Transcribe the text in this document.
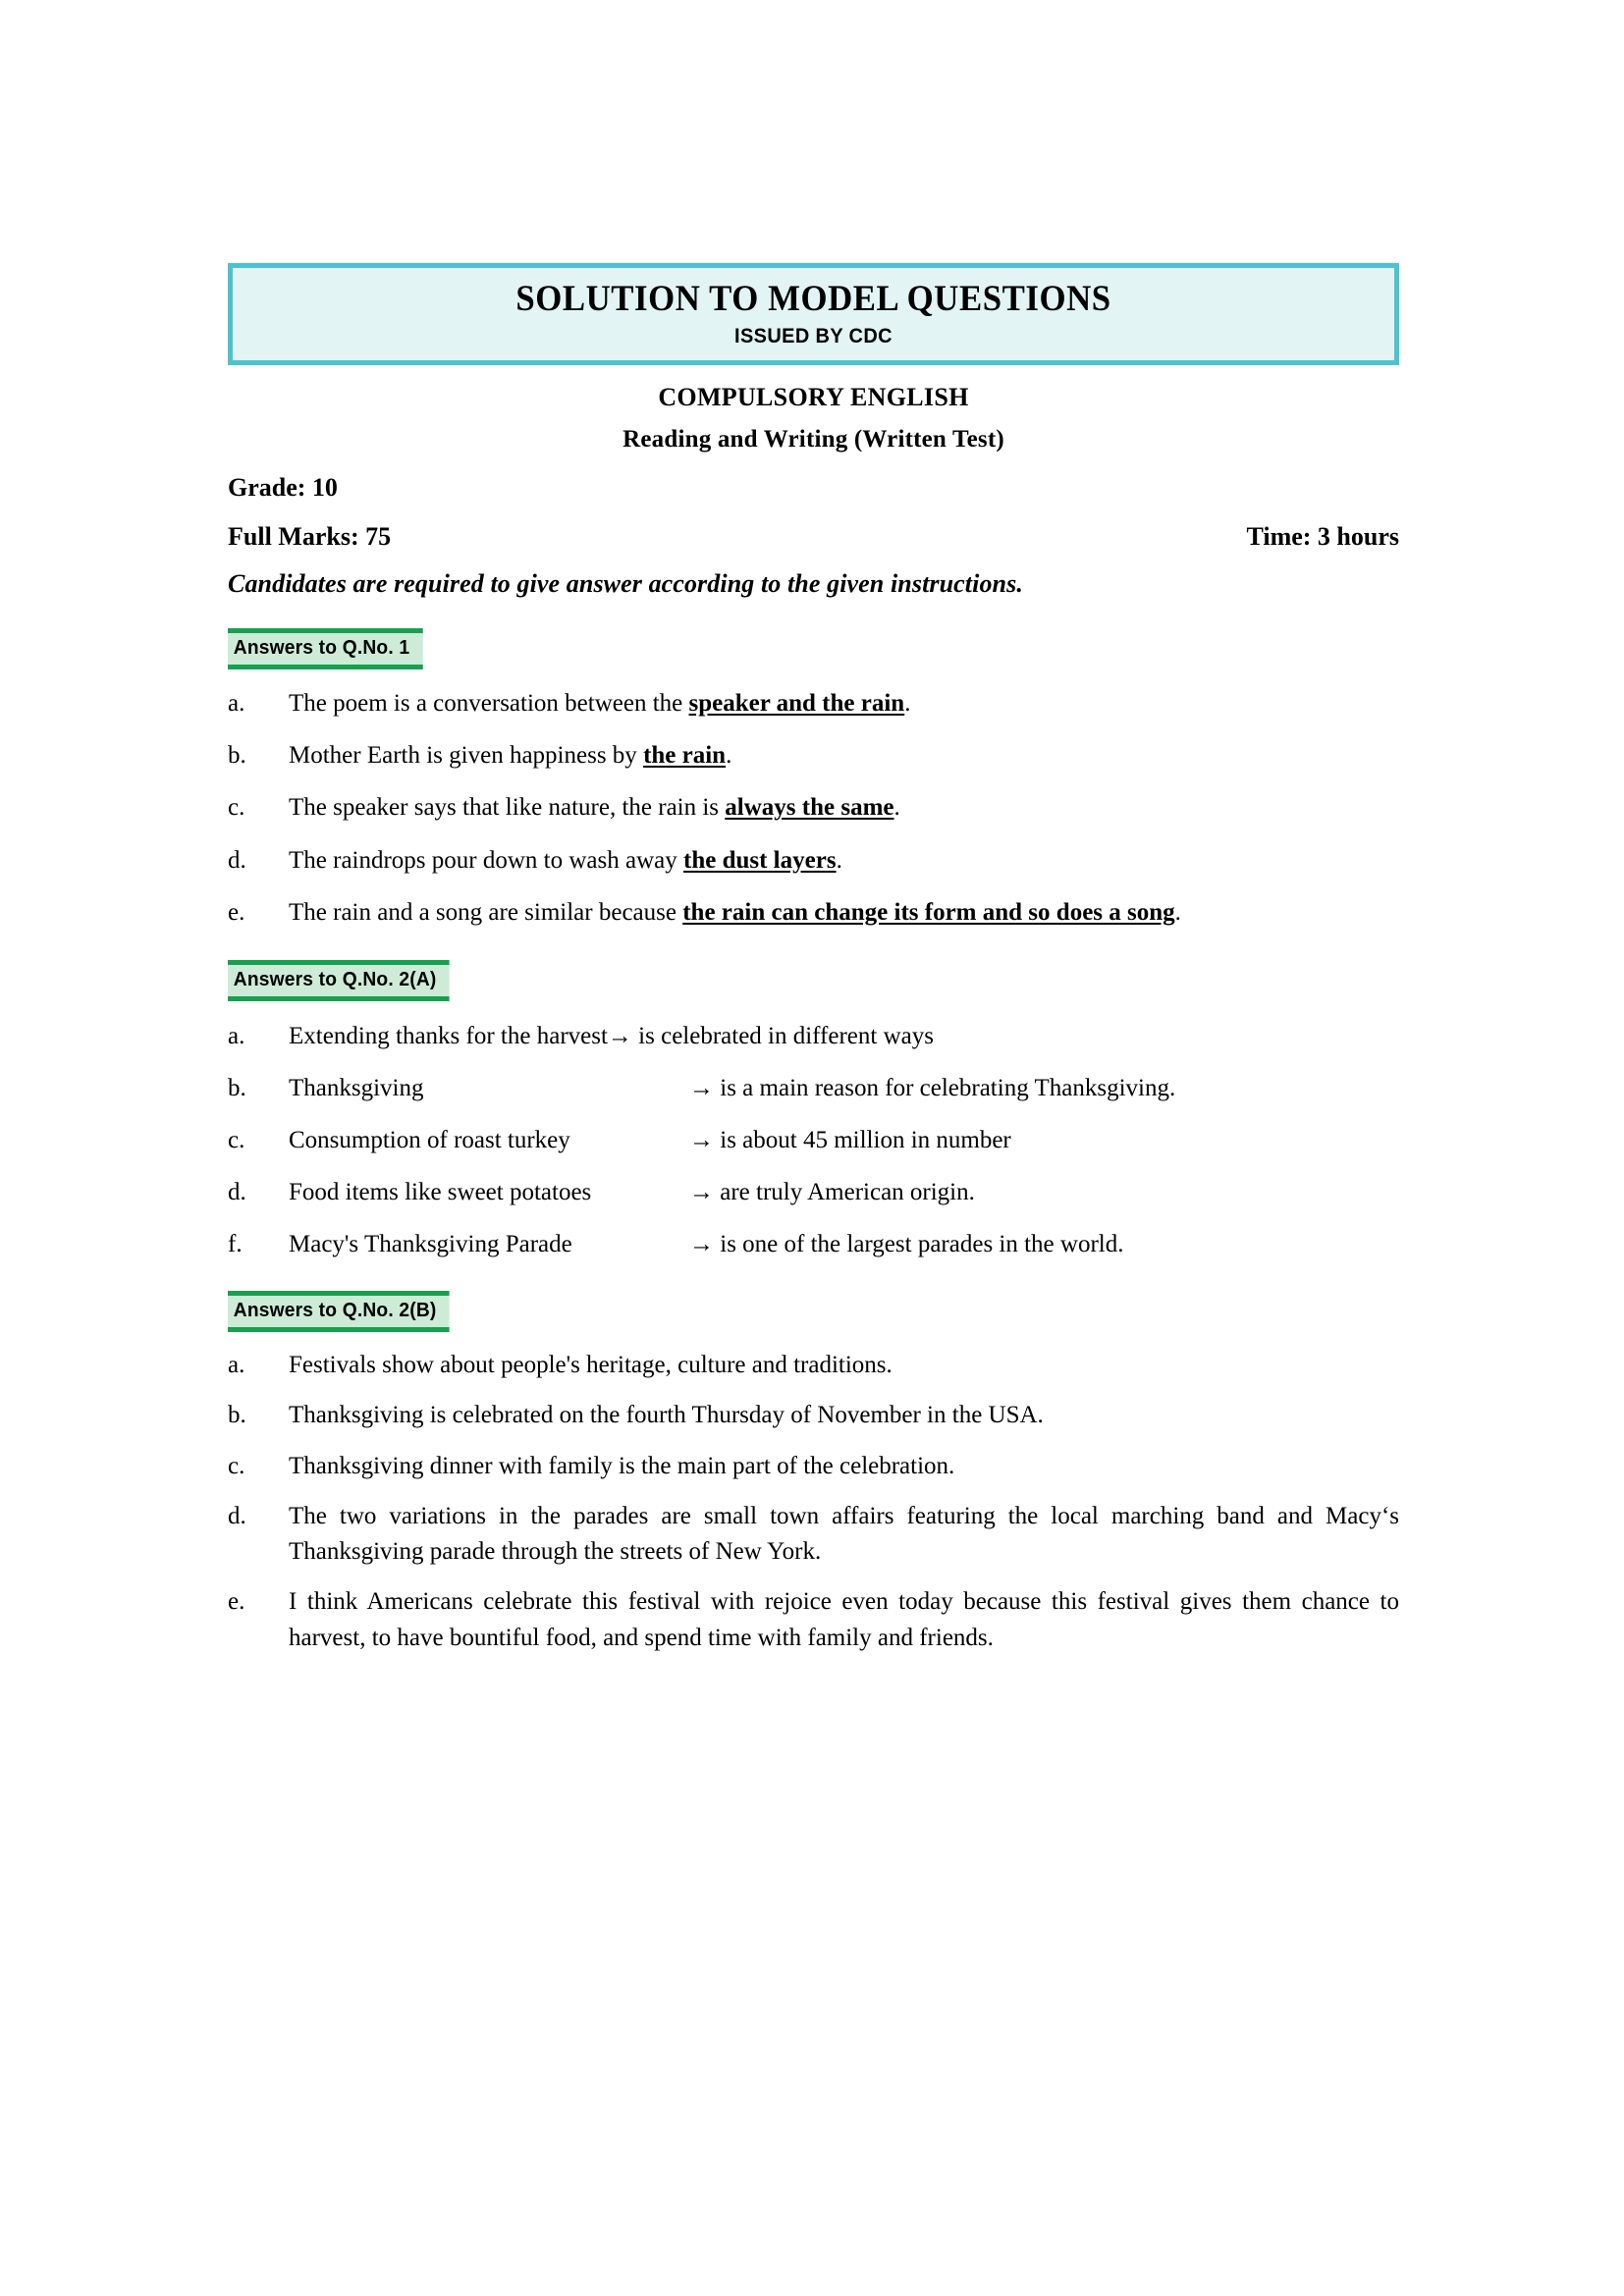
SOLUTION TO MODEL QUESTIONS
ISSUED BY CDC
COMPULSORY ENGLISH
Reading and Writing (Written Test)
Grade: 10
Full Marks: 75	Time: 3 hours
Candidates are required to give answer according to the given instructions.
Answers to Q.No. 1
a.	The poem is a conversation between the speaker and the rain.
b.	Mother Earth is given happiness by the rain.
c.	The speaker says that like nature, the rain is always the same.
d.	The raindrops pour down to wash away the dust layers.
e.	The rain and a song are similar because the rain can change its form and so does a song.
Answers to Q.No. 2(A)
a.	Extending thanks for the harvest → is celebrated in different ways
b.	Thanksgiving	→ is a main reason for celebrating Thanksgiving.
c.	Consumption of roast turkey	→ is about 45 million in number
d.	Food items like sweet potatoes	→ are truly American origin.
f.	Macy's Thanksgiving Parade	→ is one of the largest parades in the world.
Answers to Q.No. 2(B)
a.	Festivals show about people's heritage, culture and traditions.
b.	Thanksgiving is celebrated on the fourth Thursday of November in the USA.
c.	Thanksgiving dinner with family is the main part of the celebration.
d.	The two variations in the parades are small town affairs featuring the local marching band and Macy‘s Thanksgiving parade through the streets of New York.
e.	I think Americans celebrate this festival with rejoice even today because this festival gives them chance to harvest, to have bountiful food, and spend time with family and friends.
